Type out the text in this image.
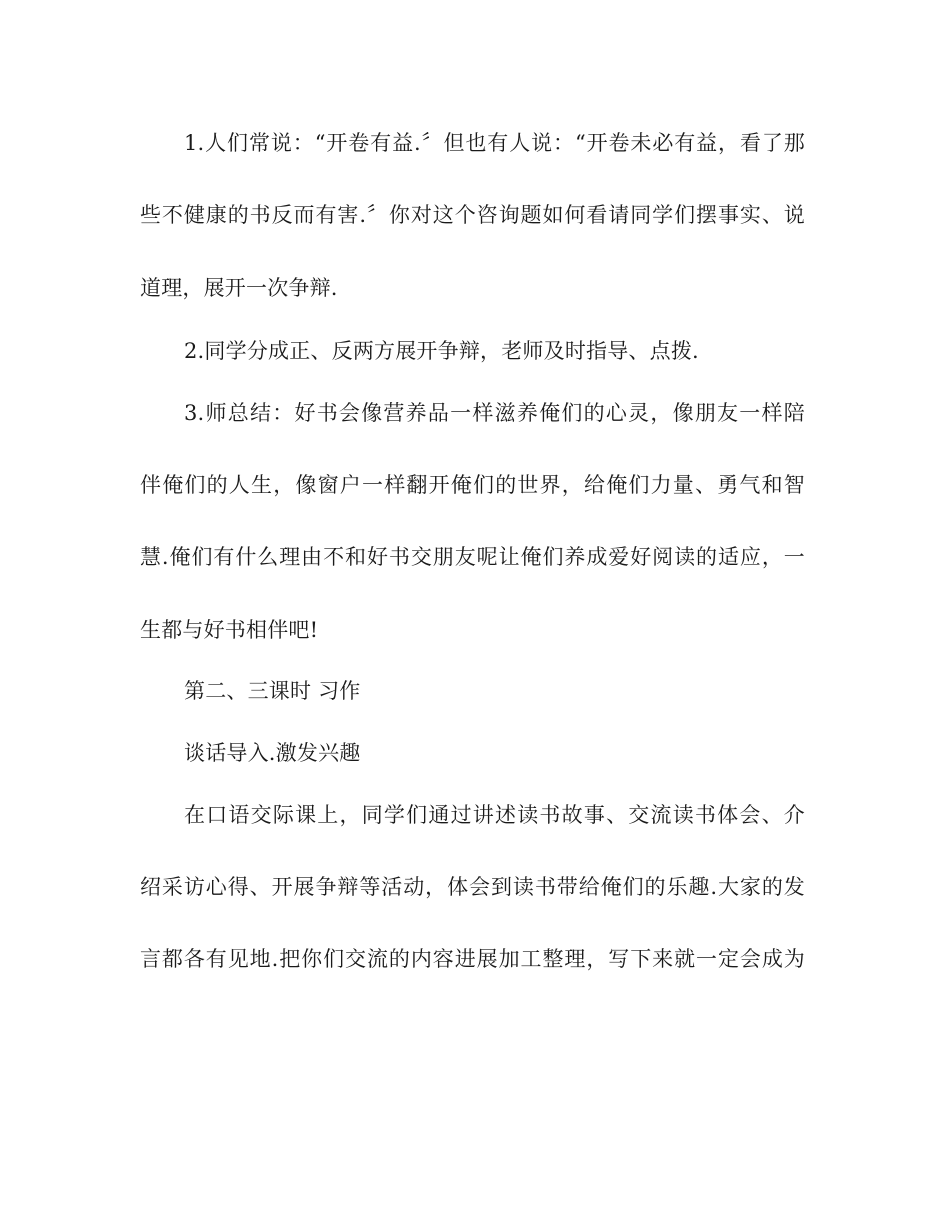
1.人们常说：“开卷有益.〞但也有人说：“开卷未必有益，看了那
些不健康的书反而有害.〞你对这个咨询题如何看请同学们摆事实、说
道理，展开一次争辩.
2.同学分成正、反两方展开争辩，老师及时指导、点拨.
3.师总结：好书会像营养品一样滋养俺们的心灵，像朋友一样陪
伴俺们的人生，像窗户一样翻开俺们的世界，给俺们力量、勇气和智
慧.俺们有什么理由不和好书交朋友呢让俺们养成爱好阅读的适应，一
生都与好书相伴吧!
第二、三课时 习作
谈话导入.激发兴趣
在口语交际课上，同学们通过讲述读书故事、交流读书体会、介
绍采访心得、开展争辩等活动，体会到读书带给俺们的乐趣.大家的发
言都各有见地.把你们交流的内容进展加工整理，写下来就一定会成为
